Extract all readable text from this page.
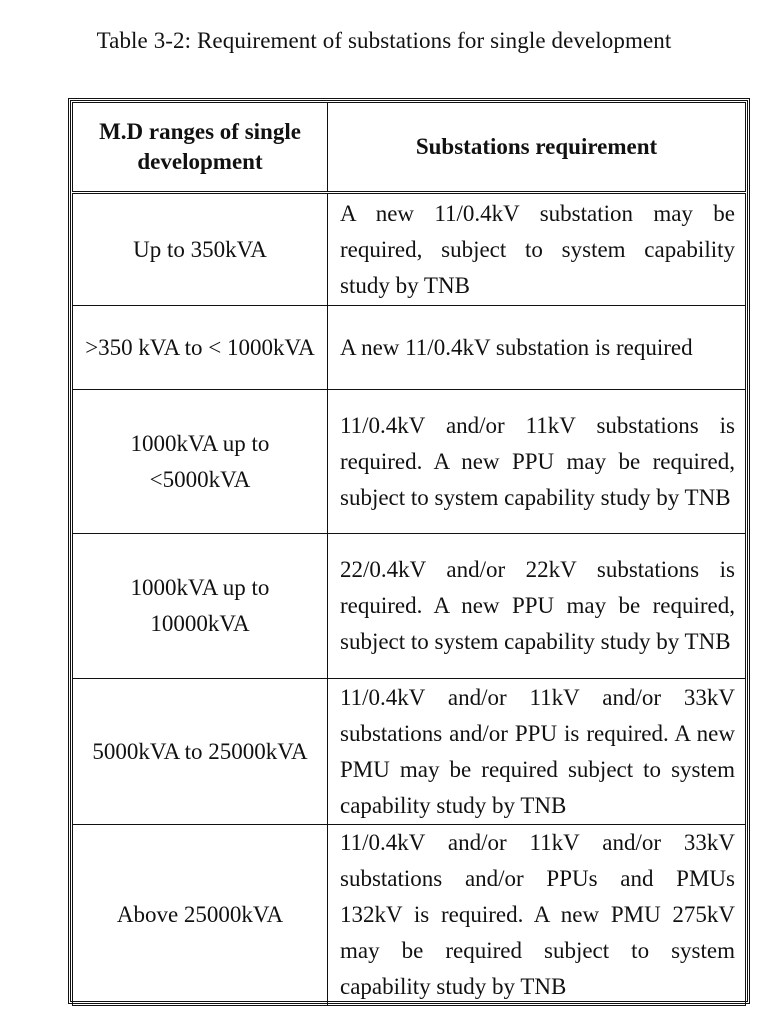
Table 3-2: Requirement of substations for single development
M.D ranges of single development	Substations requirement
Up to 350kVA	A new 11/0.4kV substation may be required, subject to system capability study by TNB
>350 kVA to < 1000kVA	A new 11/0.4kV substation is required
1000kVA up to <5000kVA	11/0.4kV and/or 11kV substations is required. A new PPU may be required, subject to system capability study by TNB
1000kVA up to 10000kVA	22/0.4kV and/or 22kV substations is required. A new PPU may be required, subject to system capability study by TNB
5000kVA to 25000kVA	11/0.4kV and/or 11kV and/or 33kV substations and/or PPU is required. A new PMU may be required subject to system capability study by TNB
Above 25000kVA	11/0.4kV and/or 11kV and/or 33kV substations and/or PPUs and PMUs 132kV is required. A new PMU 275kV may be required subject to system capability study by TNB
